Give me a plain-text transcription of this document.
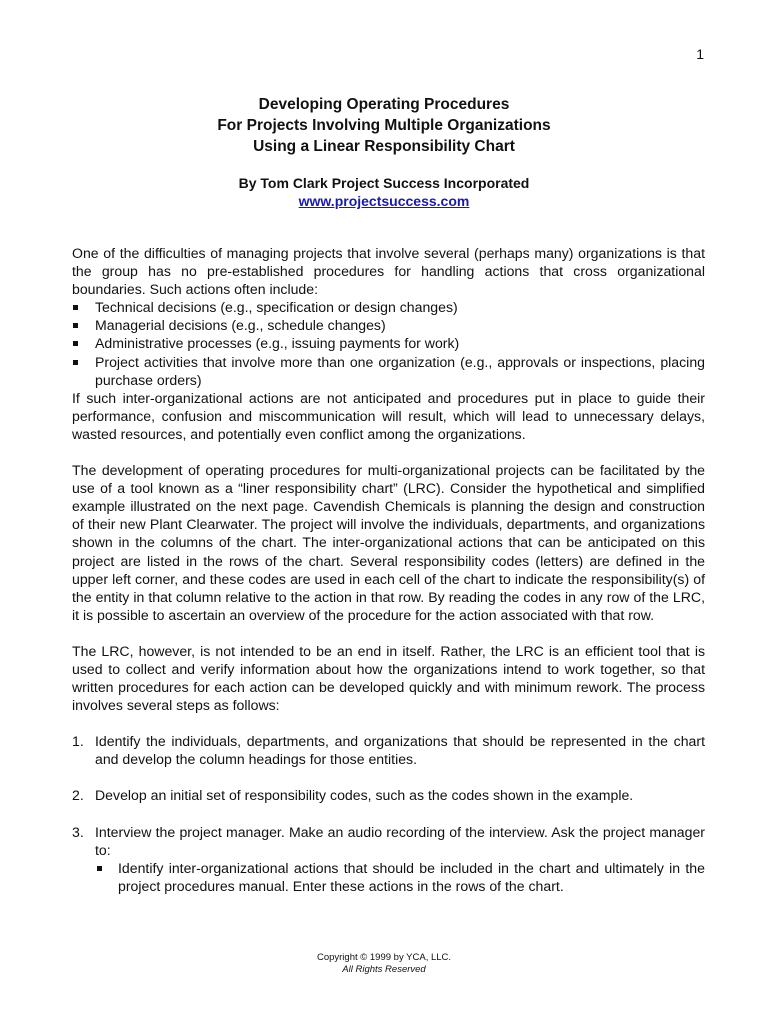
1
Developing Operating Procedures
For Projects Involving Multiple Organizations
Using a Linear Responsibility Chart
By Tom Clark Project Success Incorporated
www.projectsuccess.com

One of the difficulties of managing projects that involve several (perhaps many) organizations is that the group has no pre-established procedures for handling actions that cross organizational boundaries. Such actions often include:

Technical decisions (e.g., specification or design changes)
Managerial decisions (e.g., schedule changes)
Administrative processes (e.g., issuing payments for work)
Project activities that involve more than one organization (e.g., approvals or inspections, placing purchase orders)

If such inter-organizational actions are not anticipated and procedures put in place to guide their performance, confusion and miscommunication will result, which will lead to unnecessary delays, wasted resources, and potentially even conflict among the organizations.

The development of operating procedures for multi-organizational projects can be facilitated by the use of a tool known as a “liner responsibility chart” (LRC). Consider the hypothetical and simplified example illustrated on the next page. Cavendish Chemicals is planning the design and construction of their new Plant Clearwater. The project will involve the individuals, departments, and organizations shown in the columns of the chart. The inter-organizational actions that can be anticipated on this project are listed in the rows of the chart. Several responsibility codes (letters) are defined in the upper left corner, and these codes are used in each cell of the chart to indicate the responsibility(s) of the entity in that column relative to the action in that row. By reading the codes in any row of the LRC, it is possible to ascertain an overview of the procedure for the action associated with that row.

The LRC, however, is not intended to be an end in itself. Rather, the LRC is an efficient tool that is used to collect and verify information about how the organizations intend to work together, so that written procedures for each action can be developed quickly and with minimum rework. The process involves several steps as follows:

1. Identify the individuals, departments, and organizations that should be represented in the chart and develop the column headings for those entities.
2. Develop an initial set of responsibility codes, such as the codes shown in the example.
3. Interview the project manager. Make an audio recording of the interview. Ask the project manager to:
Identify inter-organizational actions that should be included in the chart and ultimately in the project procedures manual. Enter these actions in the rows of the chart.
Copyright © 1999 by YCA, LLC.
All Rights Reserved
